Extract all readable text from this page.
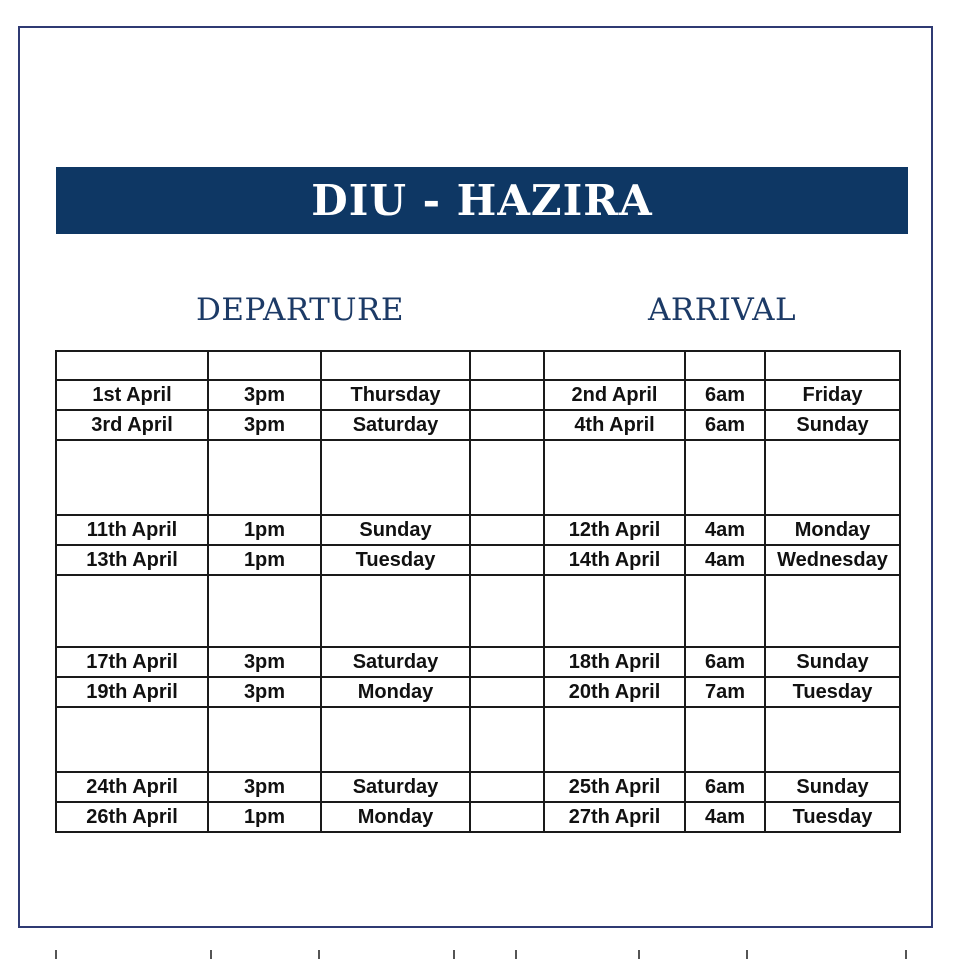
DIU - HAZIRA
DEPARTURE	ARRIVAL

1st April	3pm	Thursday		2nd April	6am	Friday
3rd April	3pm	Saturday		4th April	6am	Sunday

11th April	1pm	Sunday		12th April	4am	Monday
13th April	1pm	Tuesday		14th April	4am	Wednesday

17th April	3pm	Saturday		18th April	6am	Sunday
19th April	3pm	Monday		20th April	7am	Tuesday

24th April	3pm	Saturday		25th April	6am	Sunday
26th April	1pm	Monday		27th April	4am	Tuesday
